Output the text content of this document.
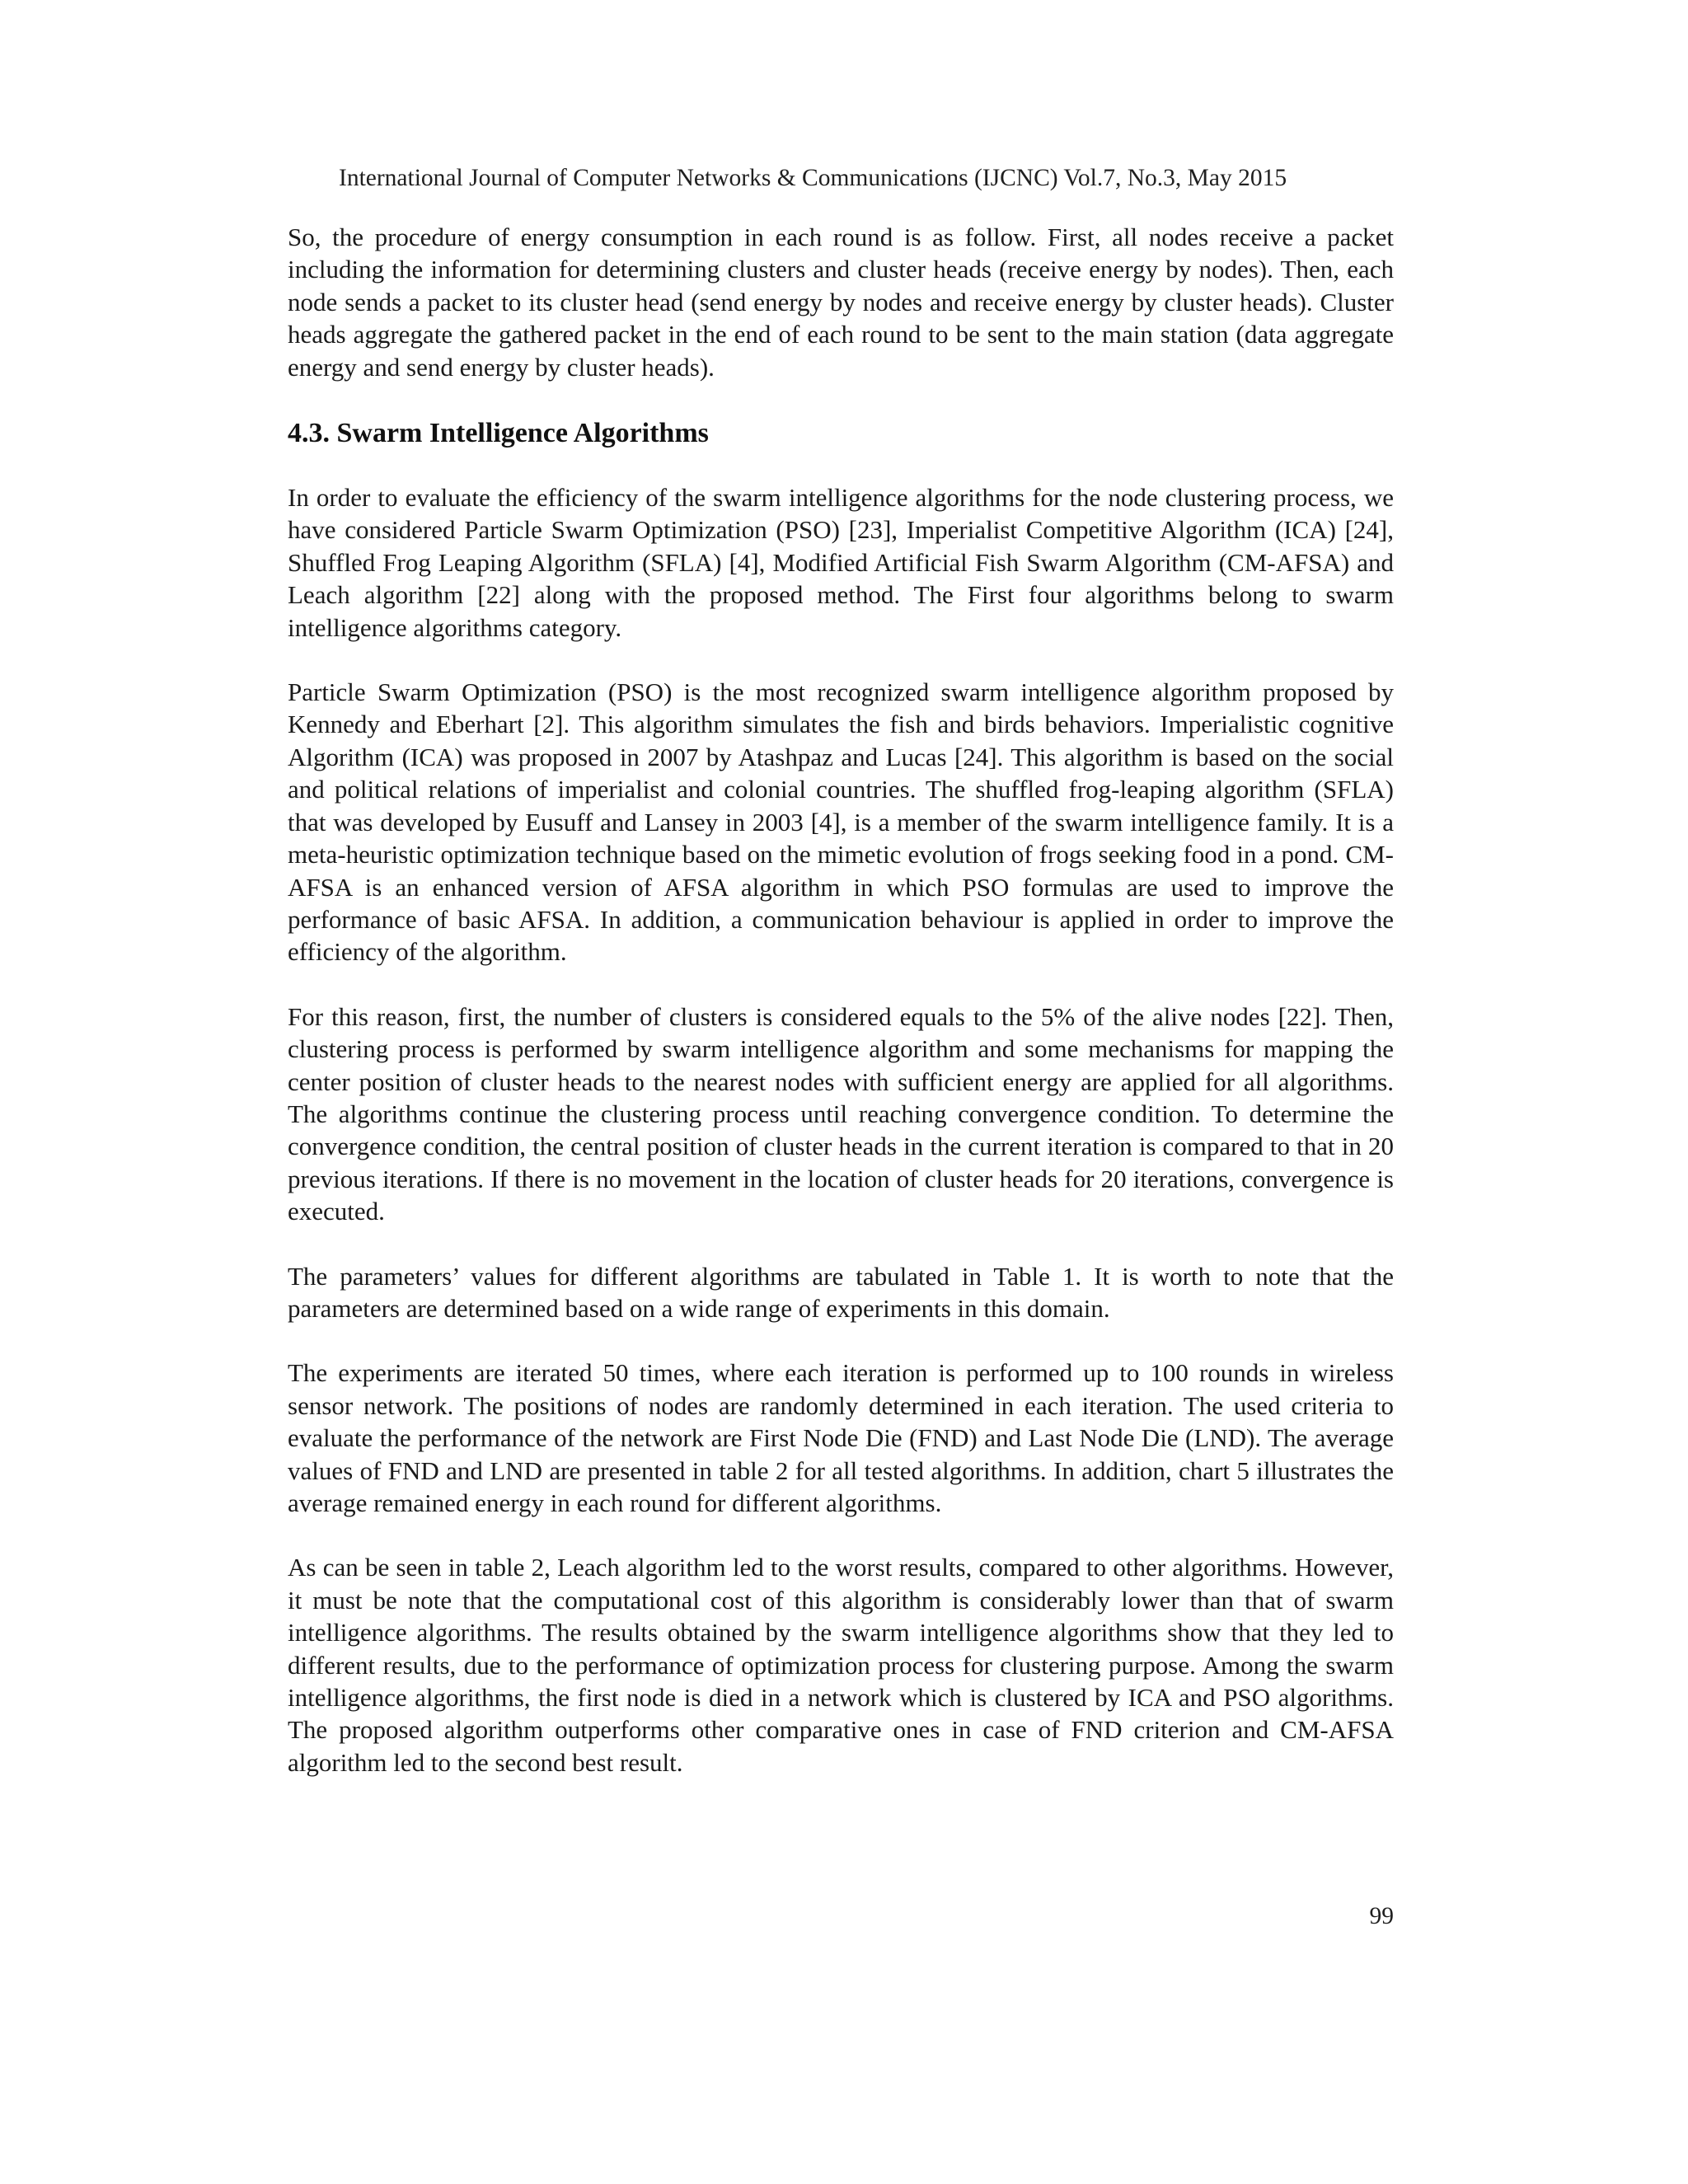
International Journal of Computer Networks & Communications (IJCNC) Vol.7, No.3, May 2015

So, the procedure of energy consumption in each round is as follow. First, all nodes receive a packet including the information for determining clusters and cluster heads (receive energy by nodes). Then, each node sends a packet to its cluster head (send energy by nodes and receive energy by cluster heads). Cluster heads aggregate the gathered packet in the end of each round to be sent to the main station (data aggregate energy and send energy by cluster heads).

4.3. Swarm Intelligence Algorithms

In order to evaluate the efficiency of the swarm intelligence algorithms for the node clustering process, we have considered Particle Swarm Optimization (PSO) [23], Imperialist Competitive Algorithm (ICA) [24], Shuffled Frog Leaping Algorithm (SFLA) [4], Modified Artificial Fish Swarm Algorithm (CM-AFSA) and Leach algorithm [22] along with the proposed method. The First four algorithms belong to swarm intelligence algorithms category.

Particle Swarm Optimization (PSO) is the most recognized swarm intelligence algorithm proposed by Kennedy and Eberhart [2]. This algorithm simulates the fish and birds behaviors. Imperialistic cognitive Algorithm (ICA) was proposed in 2007 by Atashpaz and Lucas [24]. This algorithm is based on the social and political relations of imperialist and colonial countries. The shuffled frog-leaping algorithm (SFLA) that was developed by Eusuff and Lansey in 2003 [4], is a member of the swarm intelligence family. It is a meta-heuristic optimization technique based on the mimetic evolution of frogs seeking food in a pond. CM-AFSA is an enhanced version of AFSA algorithm in which PSO formulas are used to improve the performance of basic AFSA. In addition, a communication behaviour is applied in order to improve the efficiency of the algorithm.

For this reason, first, the number of clusters is considered equals to the 5% of the alive nodes [22]. Then, clustering process is performed by swarm intelligence algorithm and some mechanisms for mapping the center position of cluster heads to the nearest nodes with sufficient energy are applied for all algorithms. The algorithms continue the clustering process until reaching convergence condition. To determine the convergence condition, the central position of cluster heads in the current iteration is compared to that in 20 previous iterations. If there is no movement in the location of cluster heads for 20 iterations, convergence is executed.

The parameters’ values for different algorithms are tabulated in Table 1. It is worth to note that the parameters are determined based on a wide range of experiments in this domain.

The experiments are iterated 50 times, where each iteration is performed up to 100 rounds in wireless sensor network. The positions of nodes are randomly determined in each iteration. The used criteria to evaluate the performance of the network are First Node Die (FND) and Last Node Die (LND). The average values of FND and LND are presented in table 2 for all tested algorithms. In addition, chart 5 illustrates the average remained energy in each round for different algorithms.

As can be seen in table 2, Leach algorithm led to the worst results, compared to other algorithms. However, it must be note that the computational cost of this algorithm is considerably lower than that of swarm intelligence algorithms. The results obtained by the swarm intelligence algorithms show that they led to different results, due to the performance of optimization process for clustering purpose. Among the swarm intelligence algorithms, the first node is died in a network which is clustered by ICA and PSO algorithms. The proposed algorithm outperforms other comparative ones in case of FND criterion and CM-AFSA algorithm led to the second best result.

99
